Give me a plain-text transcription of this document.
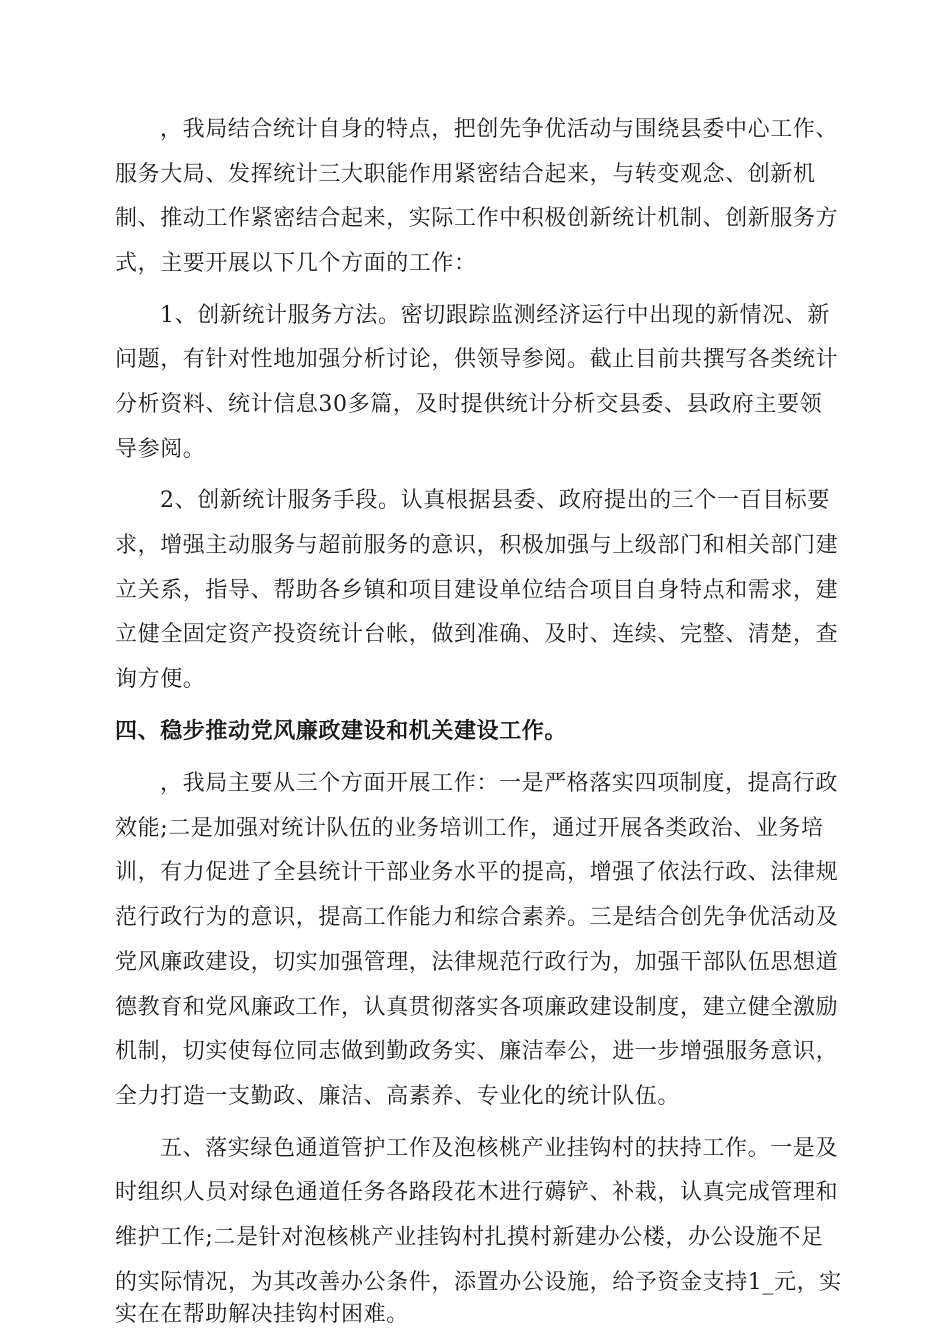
，我局结合统计自身的特点，把创先争优活动与围绕县委中心工作、
服务大局、发挥统计三大职能作用紧密结合起来，与转变观念、创新机
制、推动工作紧密结合起来，实际工作中积极创新统计机制、创新服务方
式，主要开展以下几个方面的工作：
1、创新统计服务方法。密切跟踪监测经济运行中出现的新情况、新
问题，有针对性地加强分析讨论，供领导参阅。截止目前共撰写各类统计
分析资料、统计信息30多篇，及时提供统计分析交县委、县政府主要领
导参阅。
2、创新统计服务手段。认真根据县委、政府提出的三个一百目标要
求，增强主动服务与超前服务的意识，积极加强与上级部门和相关部门建
立关系，指导、帮助各乡镇和项目建设单位结合项目自身特点和需求，建
立健全固定资产投资统计台帐，做到准确、及时、连续、完整、清楚，查
询方便。
四、稳步推动党风廉政建设和机关建设工作。
，我局主要从三个方面开展工作：一是严格落实四项制度，提高行政
效能;二是加强对统计队伍的业务培训工作，通过开展各类政治、业务培
训，有力促进了全县统计干部业务水平的提高，增强了依法行政、法律规
范行政行为的意识，提高工作能力和综合素养。三是结合创先争优活动及
党风廉政建设，切实加强管理，法律规范行政行为，加强干部队伍思想道
德教育和党风廉政工作，认真贯彻落实各项廉政建设制度，建立健全激励
机制，切实使每位同志做到勤政务实、廉洁奉公，进一步增强服务意识，
全力打造一支勤政、廉洁、高素养、专业化的统计队伍。
五、落实绿色通道管护工作及泡核桃产业挂钩村的扶持工作。一是及
时组织人员对绿色通道任务各路段花木进行薅铲、补栽，认真完成管理和
维护工作;二是针对泡核桃产业挂钩村扎摸村新建办公楼，办公设施不足
的实际情况，为其改善办公条件，添置办公设施，给予资金支持1_元，实
实在在帮助解决挂钩村困难。
